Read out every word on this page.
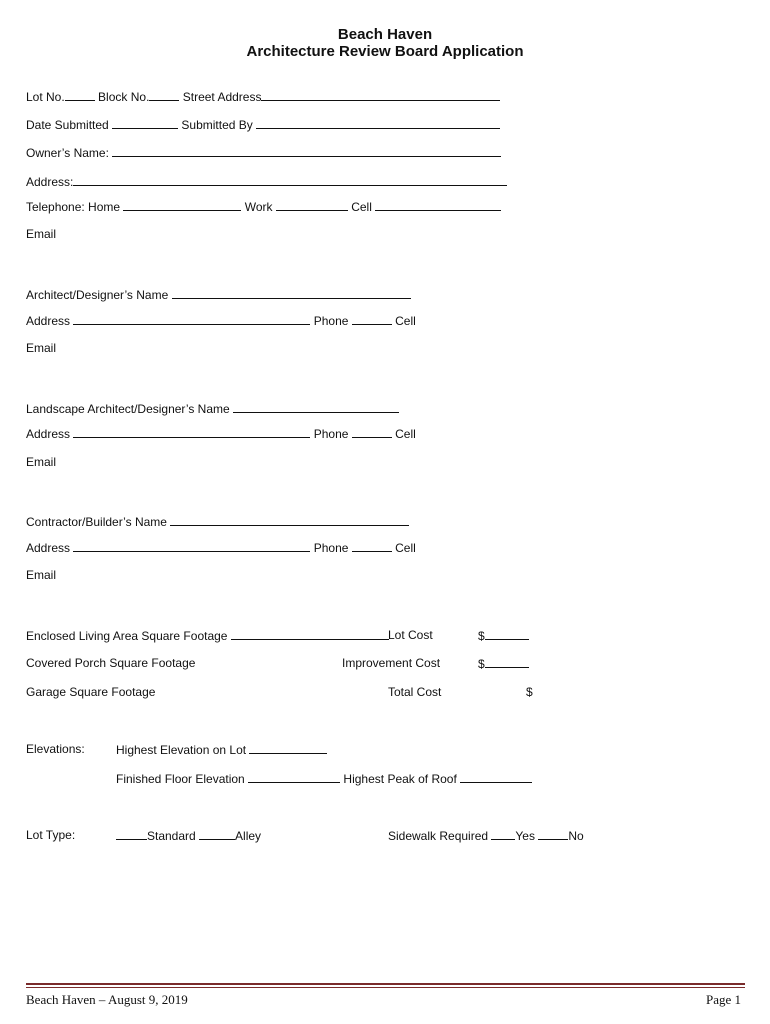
Beach Haven
Architecture Review Board Application
Lot No.	Block No.	Street Address
Date Submitted	Submitted By
Owner’s Name:
Address:
Telephone: Home	Work	Cell
Email
Architect/Designer’s Name
Address	Phone	Cell
Email
Landscape Architect/Designer’s Name
Address	Phone	Cell
Email
Contractor/Builder’s Name
Address	Phone	Cell
Email
Enclosed Living Area Square Footage	Lot Cost	$
Covered Porch Square Footage	Improvement Cost	$
Garage Square Footage	Total Cost	$
Elevations:	Highest Elevation on Lot
Finished Floor Elevation	Highest Peak of Roof
Lot Type:	Standard	Alley	Sidewalk Required Yes	No
Beach Haven – August 9, 2019	Page 1
